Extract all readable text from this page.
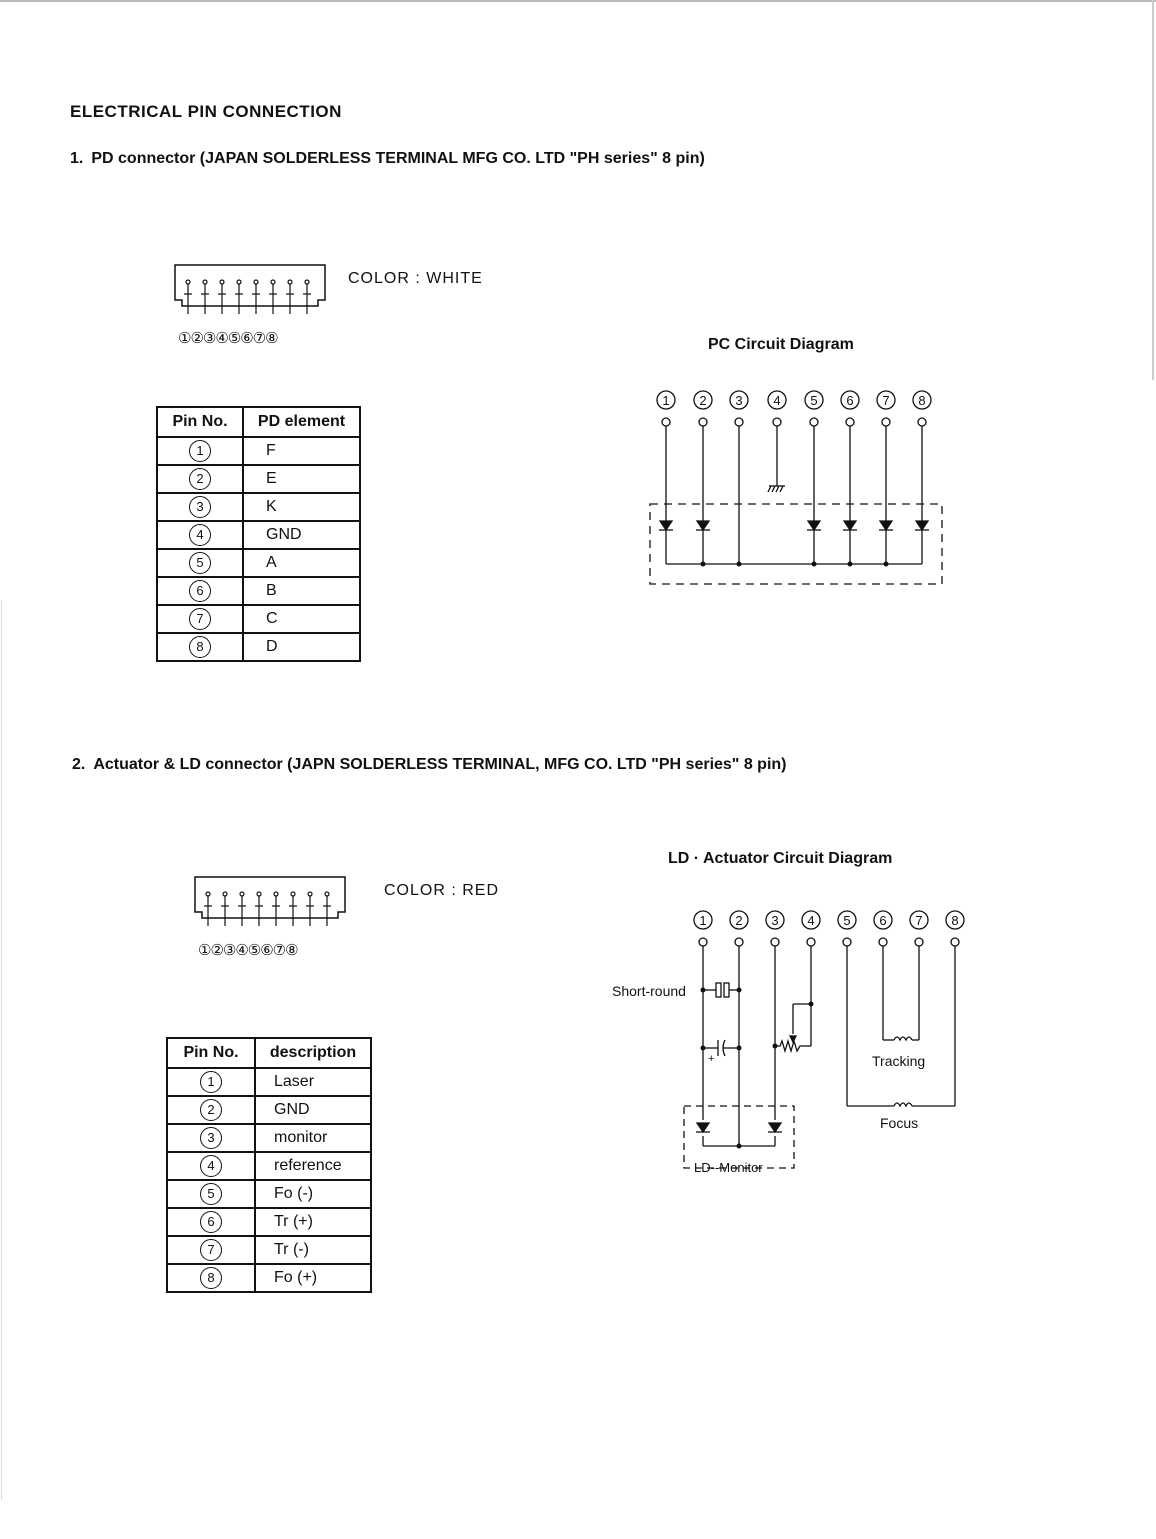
ELECTRICAL PIN CONNECTION
1. PD connector (JAPAN SOLDERLESS TERMINAL MFG CO. LTD "PH series" 8 pin)
①②③④⑤⑥⑦⑧
COLOR : WHITE
Pin No.	PD element
1	F
2	E
3	K
4	GND
5	A
6	B
7	C
8	D
PC Circuit Diagram
1 2 3 4 5 6 7 8
2. Actuator & LD connector (JAPN SOLDERLESS TERMINAL, MFG CO. LTD "PH series" 8 pin)
①②③④⑤⑥⑦⑧
COLOR : RED
Pin No.	description
1	Laser
2	GND
3	monitor
4	reference
5	Fo (-)
6	Tr (+)
7	Tr (-)
8	Fo (+)
LD · Actuator Circuit Diagram
+
1 2 3 4 5 6 7 8
Short-round
Tracking
Focus
LD--Monitor
